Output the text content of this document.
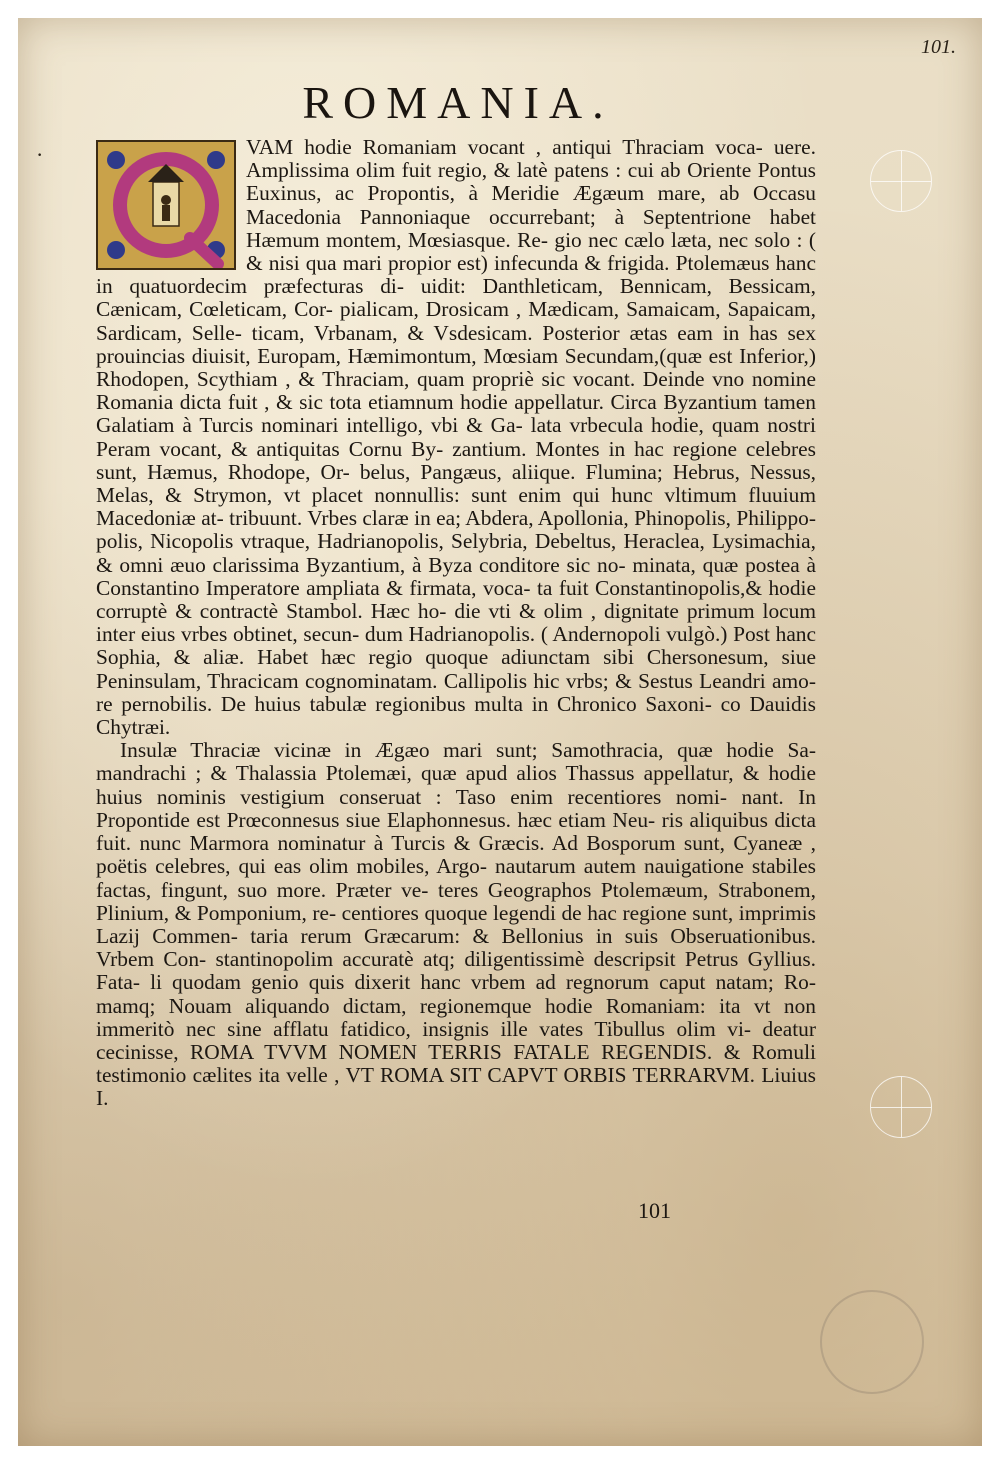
101.
ROMANIA.
·	VAM hodie Romaniam vocant , antiqui Thraciam voca- uere. Amplissima olim fuit regio, & latè patens : cui ab Oriente Pontus Euxinus, ac Propontis, à Meridie Ægæum mare, ab Occasu Macedonia Pannoniaque occurrebant; à Septentrione habet Hæmum montem, Mœsiasque. Re- gio nec cælo læta, nec solo : ( & nisi qua mari propior est) infecunda & frigida. Ptolemæus hanc in quatuordecim præfecturas di- uidit: Danthleticam, Bennicam, Bessicam, Cænicam, Cœleticam, Cor- pialicam, Drosicam , Mædicam, Samaicam, Sapaicam, Sardicam, Selle- ticam, Vrbanam, & Vsdesicam. Posterior ætas eam in has sex prouincias diuisit, Europam, Hæmimontum, Mœsiam Secundam,(quæ est Inferior,) Rhodopen, Scythiam , & Thraciam, quam propriè sic vocant. Deinde vno nomine Romania dicta fuit , & sic tota etiamnum hodie appellatur. Circa Byzantium tamen Galatiam à Turcis nominari intelligo, vbi & Ga- lata vrbecula hodie, quam nostri Peram vocant, & antiquitas Cornu By- zantium. Montes in hac regione celebres sunt, Hæmus, Rhodope, Or- belus, Pangæus, aliique. Flumina; Hebrus, Nessus, Melas, & Strymon, vt placet nonnullis: sunt enim qui hunc vltimum fluuium Macedoniæ at- tribuunt. Vrbes claræ in ea; Abdera, Apollonia, Phinopolis, Philippo- polis, Nicopolis vtraque, Hadrianopolis, Selybria, Debeltus, Heraclea, Lysimachia, & omni æuo clarissima Byzantium, à Byza conditore sic no- minata, quæ postea à Constantino Imperatore ampliata & firmata, voca- ta fuit Constantinopolis,& hodie corruptè & contractè Stambol. Hæc ho- die vti & olim , dignitate primum locum inter eius vrbes obtinet, secun- dum Hadrianopolis. ( Andernopoli vulgò.) Post hanc Sophia, & aliæ. Habet hæc regio quoque adiunctam sibi Chersonesum, siue Peninsulam, Thracicam cognominatam. Callipolis hic vrbs; & Sestus Leandri amo- re pernobilis. De huius tabulæ regionibus multa in Chronico Saxoni- co Dauidis Chytræi.

Insulæ Thraciæ vicinæ in Ægæo mari sunt; Samothracia, quæ hodie Sa- mandrachi ; & Thalassia Ptolemæi, quæ apud alios Thassus appellatur, & hodie huius nominis vestigium conseruat : Taso enim recentiores nomi- nant. In Propontide est Prœconnesus siue Elaphonnesus. hæc etiam Neu- ris aliquibus dicta fuit. nunc Marmora nominatur à Turcis & Græcis. Ad Bosporum sunt, Cyaneæ , poëtis celebres, qui eas olim mobiles, Argo- nautarum autem nauigatione stabiles factas, fingunt, suo more. Præter ve- teres Geographos Ptolemæum, Strabonem, Plinium, & Pomponium, re- centiores quoque legendi de hac regione sunt, imprimis Lazij Commen- taria rerum Græcarum: & Bellonius in suis Obseruationibus. Vrbem Con- stantinopolim accuratè atq; diligentissimè descripsit Petrus Gyllius. Fata- li quodam genio quis dixerit hanc vrbem ad regnorum caput natam; Ro- mamq; Nouam aliquando dictam, regionemque hodie Romaniam: ita vt non immeritò nec sine afflatu fatidico, insignis ille vates Tibullus olim vi- deatur cecinisse, ROMA TVVM NOMEN TERRIS FATALE REGENDIS. & Romuli testimonio cælites ita velle , VT ROMA SIT CAPVT ORBIS TERRARVM. Liuius I.

101
